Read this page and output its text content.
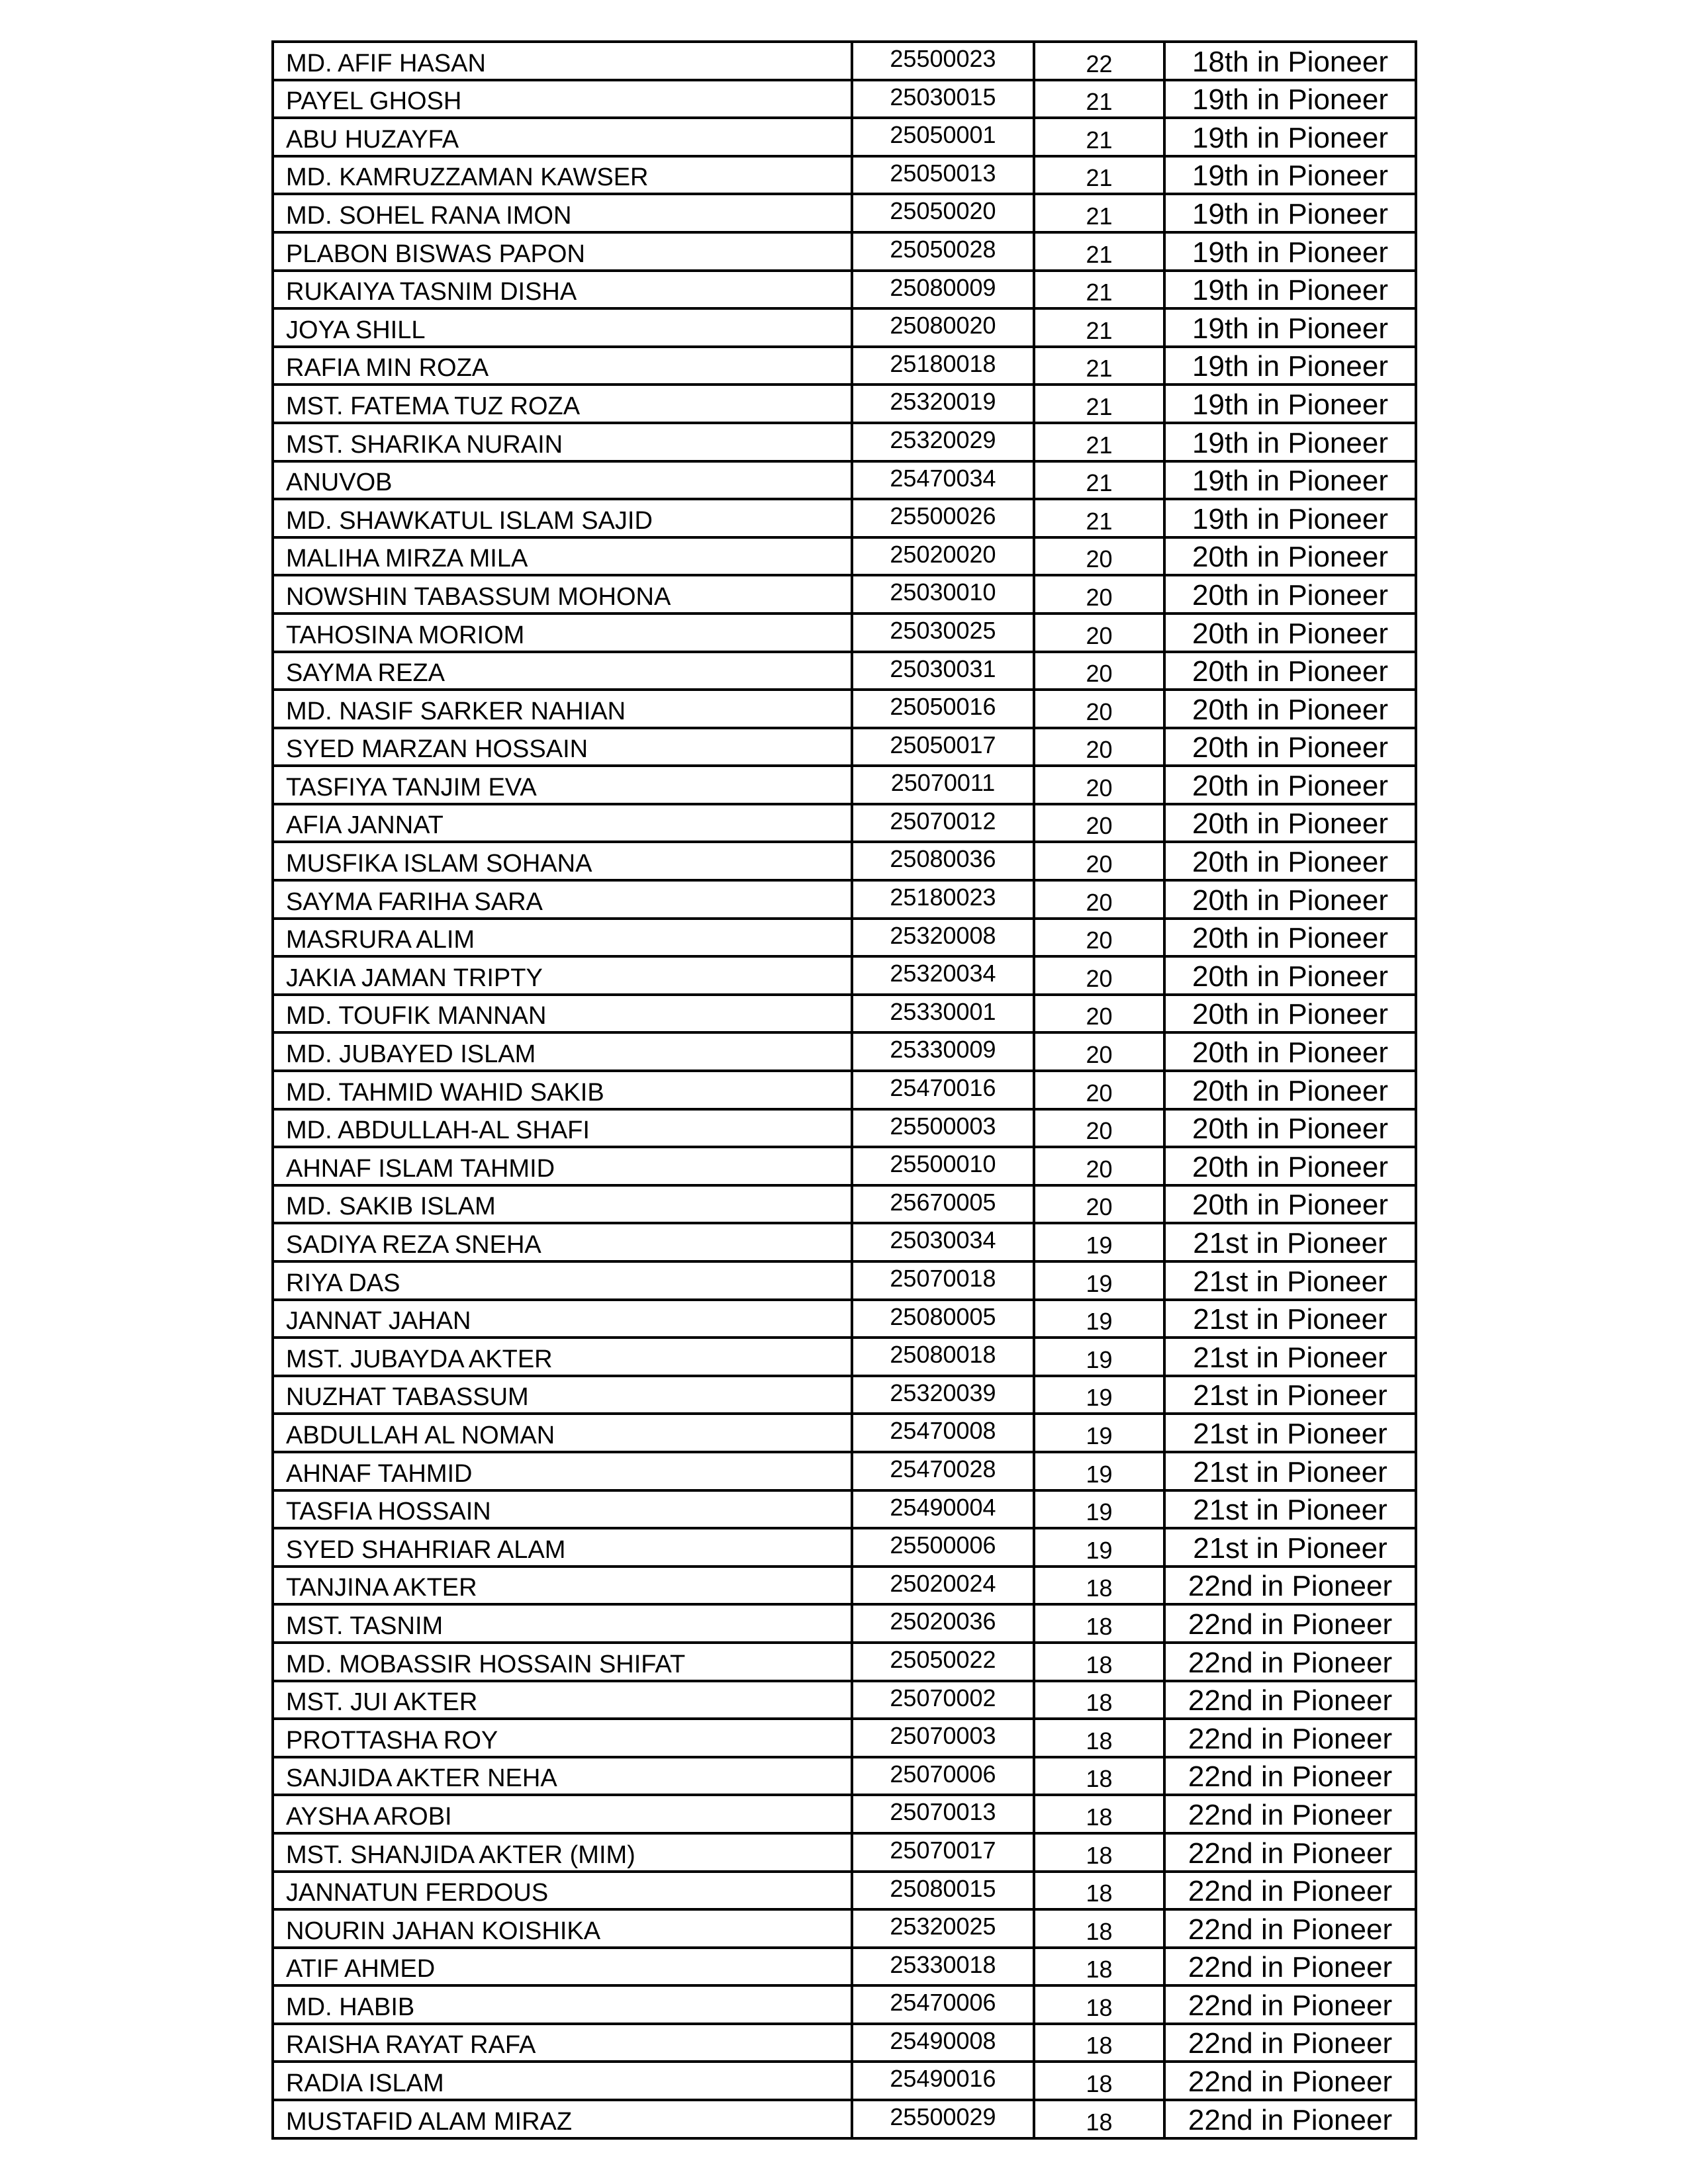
MD. AFIF HASAN	25500023	22	18th in Pioneer
PAYEL GHOSH	25030015	21	19th in Pioneer
ABU HUZAYFA	25050001	21	19th in Pioneer
MD. KAMRUZZAMAN KAWSER	25050013	21	19th in Pioneer
MD. SOHEL RANA IMON	25050020	21	19th in Pioneer
PLABON BISWAS PAPON	25050028	21	19th in Pioneer
RUKAIYA TASNIM DISHA	25080009	21	19th in Pioneer
JOYA SHILL	25080020	21	19th in Pioneer
RAFIA MIN ROZA	25180018	21	19th in Pioneer
MST. FATEMA TUZ ROZA	25320019	21	19th in Pioneer
MST. SHARIKA NURAIN	25320029	21	19th in Pioneer
ANUVOB	25470034	21	19th in Pioneer
MD. SHAWKATUL ISLAM SAJID	25500026	21	19th in Pioneer
MALIHA MIRZA MILA	25020020	20	20th in Pioneer
NOWSHIN TABASSUM MOHONA	25030010	20	20th in Pioneer
TAHOSINA MORIOM	25030025	20	20th in Pioneer
SAYMA REZA	25030031	20	20th in Pioneer
MD. NASIF SARKER NAHIAN	25050016	20	20th in Pioneer
SYED MARZAN HOSSAIN	25050017	20	20th in Pioneer
TASFIYA TANJIM EVA	25070011	20	20th in Pioneer
AFIA JANNAT	25070012	20	20th in Pioneer
MUSFIKA ISLAM SOHANA	25080036	20	20th in Pioneer
SAYMA FARIHA SARA	25180023	20	20th in Pioneer
MASRURA ALIM	25320008	20	20th in Pioneer
JAKIA JAMAN TRIPTY	25320034	20	20th in Pioneer
MD. TOUFIK MANNAN	25330001	20	20th in Pioneer
MD. JUBAYED ISLAM	25330009	20	20th in Pioneer
MD. TAHMID WAHID SAKIB	25470016	20	20th in Pioneer
MD. ABDULLAH-AL SHAFI	25500003	20	20th in Pioneer
AHNAF ISLAM TAHMID	25500010	20	20th in Pioneer
MD. SAKIB ISLAM	25670005	20	20th in Pioneer
SADIYA REZA SNEHA	25030034	19	21st in Pioneer
RIYA DAS	25070018	19	21st in Pioneer
JANNAT JAHAN	25080005	19	21st in Pioneer
MST. JUBAYDA AKTER	25080018	19	21st in Pioneer
NUZHAT TABASSUM	25320039	19	21st in Pioneer
ABDULLAH AL NOMAN	25470008	19	21st in Pioneer
AHNAF TAHMID	25470028	19	21st in Pioneer
TASFIA HOSSAIN	25490004	19	21st in Pioneer
SYED SHAHRIAR ALAM	25500006	19	21st in Pioneer
TANJINA AKTER	25020024	18	22nd in Pioneer
MST. TASNIM	25020036	18	22nd in Pioneer
MD. MOBASSIR HOSSAIN SHIFAT	25050022	18	22nd in Pioneer
MST. JUI AKTER	25070002	18	22nd in Pioneer
PROTTASHA ROY	25070003	18	22nd in Pioneer
SANJIDA AKTER NEHA	25070006	18	22nd in Pioneer
AYSHA AROBI	25070013	18	22nd in Pioneer
MST. SHANJIDA AKTER (MIM)	25070017	18	22nd in Pioneer
JANNATUN FERDOUS	25080015	18	22nd in Pioneer
NOURIN JAHAN KOISHIKA	25320025	18	22nd in Pioneer
ATIF AHMED	25330018	18	22nd in Pioneer
MD. HABIB	25470006	18	22nd in Pioneer
RAISHA RAYAT RAFA	25490008	18	22nd in Pioneer
RADIA ISLAM	25490016	18	22nd in Pioneer
MUSTAFID ALAM MIRAZ	25500029	18	22nd in Pioneer
